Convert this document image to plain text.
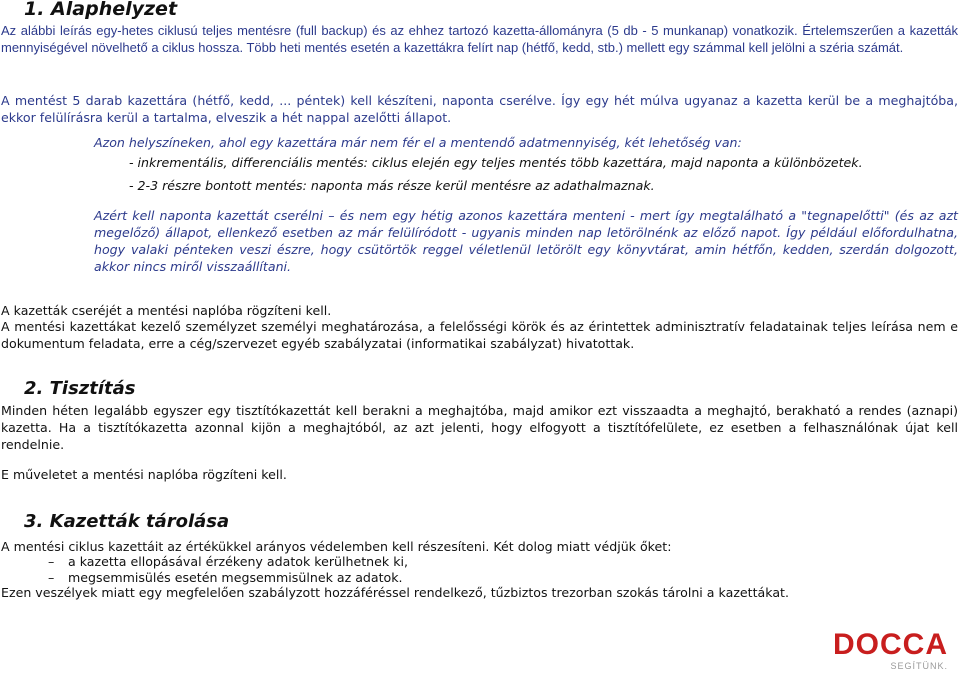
1. Alaphelyzet

Az alábbi leírás egy-hetes ciklusú teljes mentésre (full backup) és az ehhez tartozó kazetta-állományra (5 db - 5 munkanap) vonatkozik. Értelemszerűen a kazetták mennyiségével növelhető a ciklus hossza. Több heti mentés esetén a kazettákra felírt nap (hétfő, kedd, stb.) mellett egy számmal kell jelölni a széria számát.

A mentést 5 darab kazettára (hétfő, kedd, ... péntek) kell készíteni, naponta cserélve. Így egy hét múlva ugyanaz a kazetta kerül be a meghajtóba, ekkor felülírásra kerül a tartalma, elveszik a hét nappal azelőtti állapot.

Azon helyszíneken, ahol egy kazettára már nem fér el a mentendő adatmennyiség, két lehetőség van:

- inkrementális, differenciális mentés: ciklus elején egy teljes mentés több kazettára, majd naponta a különbözetek.

- 2-3 részre bontott mentés: naponta más része kerül mentésre az adathalmaznak.

Azért kell naponta kazettát cserélni – és nem egy hétig azonos kazettára menteni - mert így megtalálható a "tegnapelőtti" (és az azt megelőző) állapot, ellenkező esetben az már felülíródott - ugyanis minden nap letörölnénk az előző napot. Így például előfordulhatna, hogy valaki pénteken veszi észre, hogy csütörtök reggel véletlenül letörölt egy könyvtárat, amin hétfőn, kedden, szerdán dolgozott, akkor nincs miről visszaállítani.

A kazetták cseréjét a mentési naplóba rögzíteni kell.

A mentési kazettákat kezelő személyzet személyi meghatározása, a felelősségi körök és az érintettek adminisztratív feladatainak teljes leírása nem e dokumentum feladata, erre a cég/szervezet egyéb szabályzatai (informatikai szabályzat) hivatottak.

2. Tisztítás

Minden héten legalább egyszer egy tisztítókazettát kell berakni a meghajtóba, majd amikor ezt visszaadta a meghajtó, berakható a rendes (aznapi) kazetta. Ha a tisztítókazetta azonnal kijön a meghajtóból, az azt jelenti, hogy elfogyott a tisztítófelülete, ez esetben a felhasználónak újat kell rendelnie.

E műveletet a mentési naplóba rögzíteni kell.

3. Kazetták tárolása

A mentési ciklus kazettáit az értékükkel arányos védelemben kell részesíteni. Két dolog miatt védjük őket:

– a kazetta ellopásával érzékeny adatok kerülhetnek ki,
– megsemmisülés esetén megsemmisülnek az adatok.

Ezen veszélyek miatt egy megfelelően szabályzott hozzáféréssel rendelkező, tűzbiztos trezorban szokás tárolni a kazettákat.

DOCCA
SEGÍTÜNK.
